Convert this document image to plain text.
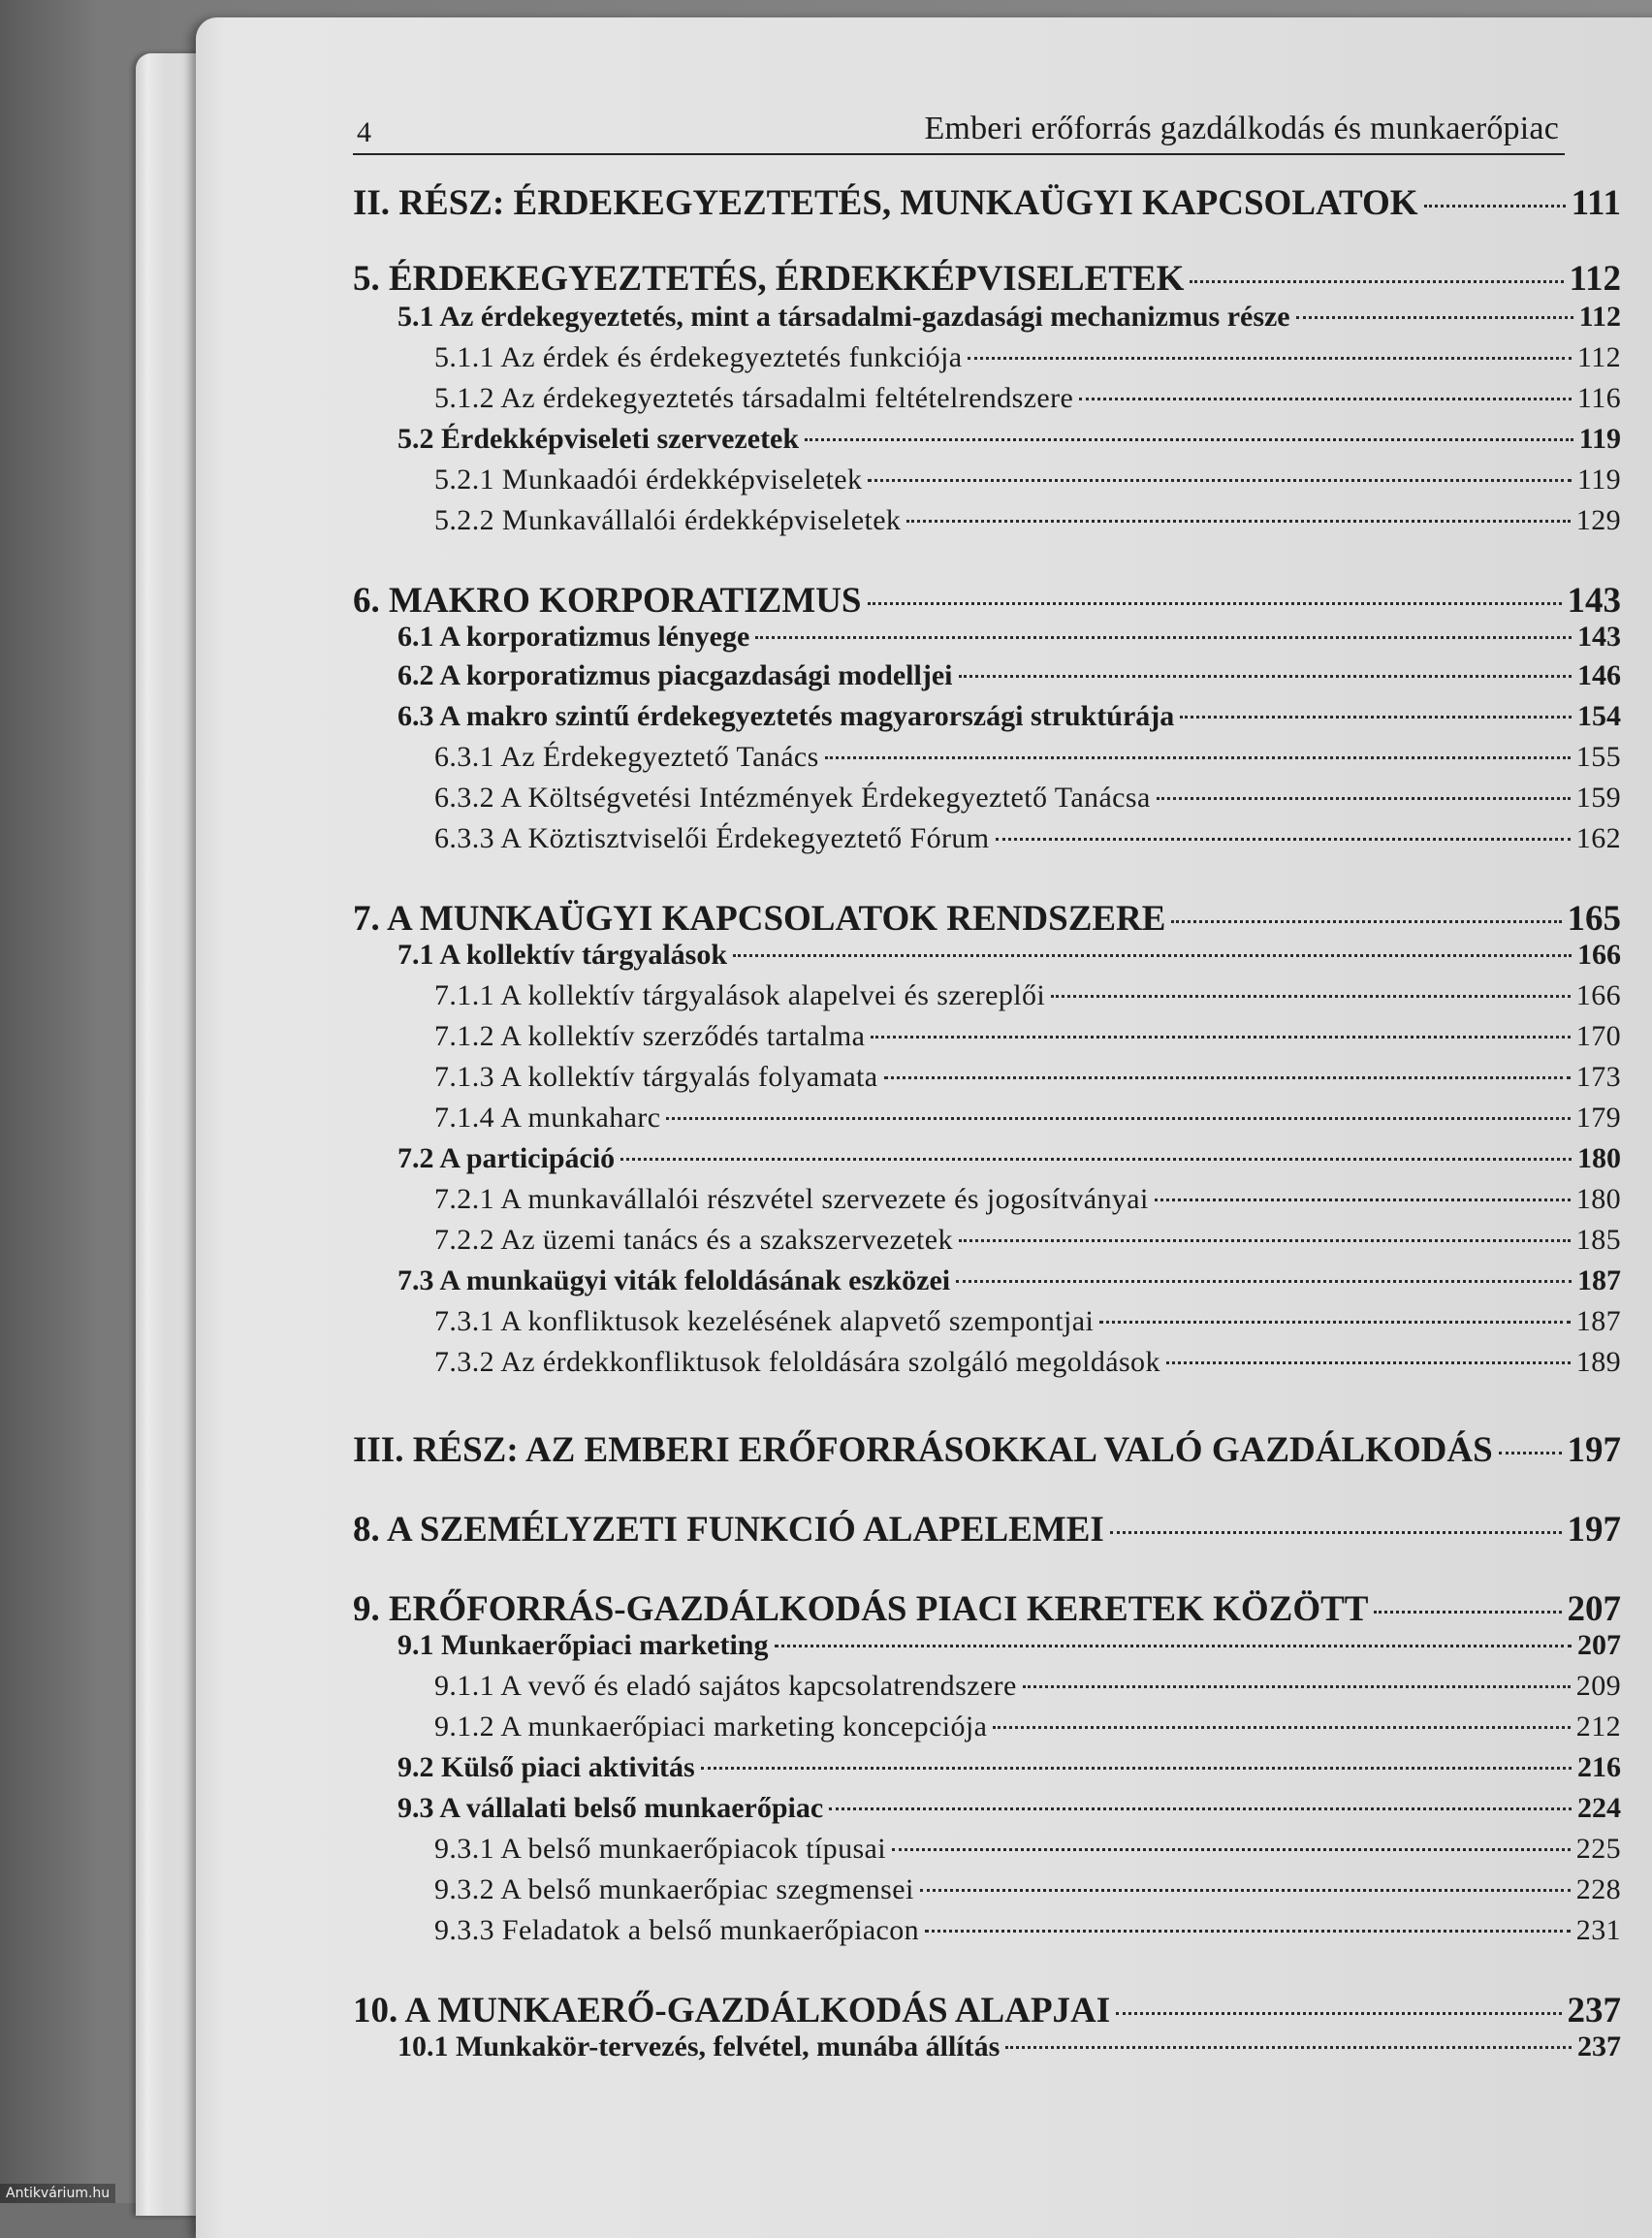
4	Emberi erőforrás gazdálkodás és munkaerőpiac
II. RÉSZ: ÉRDEKEGYEZTETÉS, MUNKAÜGYI KAPCSOLATOK	111
5. ÉRDEKEGYEZTETÉS, ÉRDEKKÉPVISELETEK	112
5.1 Az érdekegyeztetés, mint a társadalmi-gazdasági mechanizmus része	112
5.1.1 Az érdek és érdekegyeztetés funkciója	112
5.1.2 Az érdekegyeztetés társadalmi feltételrendszere	116
5.2 Érdekképviseleti szervezetek	119
5.2.1 Munkaadói érdekképviseletek	119
5.2.2 Munkavállalói érdekképviseletek	129
6. MAKRO KORPORATIZMUS	143
6.1 A korporatizmus lényege	143
6.2 A korporatizmus piacgazdasági modelljei	146
6.3 A makro szintű érdekegyeztetés magyarországi struktúrája	154
6.3.1 Az Érdekegyeztető Tanács	155
6.3.2 A Költségvetési Intézmények Érdekegyeztető Tanácsa	159
6.3.3 A Köztisztviselői Érdekegyeztető Fórum	162
7. A MUNKAÜGYI KAPCSOLATOK RENDSZERE	165
7.1 A kollektív tárgyalások	166
7.1.1 A kollektív tárgyalások alapelvei és szereplői	166
7.1.2 A kollektív szerződés tartalma	170
7.1.3 A kollektív tárgyalás folyamata	173
7.1.4 A munkaharc	179
7.2 A participáció	180
7.2.1 A munkavállalói részvétel szervezete és jogosítványai	180
7.2.2 Az üzemi tanács és a szakszervezetek	185
7.3 A munkaügyi viták feloldásának eszközei	187
7.3.1 A konfliktusok kezelésének alapvető szempontjai	187
7.3.2 Az érdekkonfliktusok feloldására szolgáló megoldások	189
III. RÉSZ: AZ EMBERI ERŐFORRÁSOKKAL VALÓ GAZDÁLKODÁS 197
8. A SZEMÉLYZETI FUNKCIÓ ALAPELEMEI	197
9. ERŐFORRÁS-GAZDÁLKODÁS PIACI KERETEK KÖZÖTT	207
9.1 Munkaerőpiaci marketing	207
9.1.1 A vevő és eladó sajátos kapcsolatrendszere	209
9.1.2 A munkaerőpiaci marketing koncepciója	212
9.2 Külső piaci aktivitás	216
9.3 A vállalati belső munkaerőpiac	224
9.3.1 A belső munkaerőpiacok típusai	225
9.3.2 A belső munkaerőpiac szegmensei	228
9.3.3 Feladatok a belső munkaerőpiacon	231
10. A MUNKAERŐ-GAZDÁLKODÁS ALAPJAI	237
10.1 Munkakör-tervezés, felvétel, munába állítás	237
Antikvárium.hu
